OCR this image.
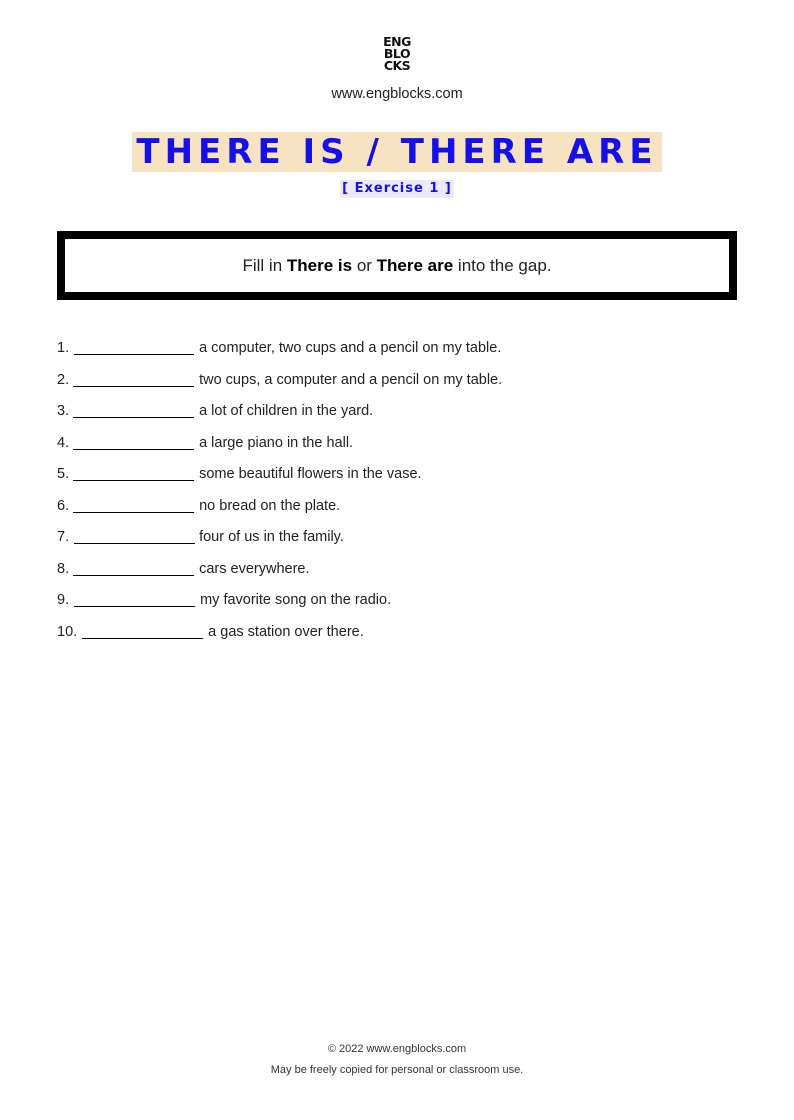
ENG
BLO
CKS
www.engblocks.com
THERE IS / THERE ARE
[ Exercise 1 ]
Fill in There is or There are into the gap.
1.	a computer, two cups and a pencil on my table.
2.	two cups, a computer and a pencil on my table.
3.	a lot of children in the yard.
4.	a large piano in the hall.
5.	some beautiful flowers in the vase.
6.	no bread on the plate.
7.	four of us in the family.
8.	cars everywhere.
9.	my favorite song on the radio.
10.	a gas station over there.
© 2022 www.engblocks.com
May be freely copied for personal or classroom use.
